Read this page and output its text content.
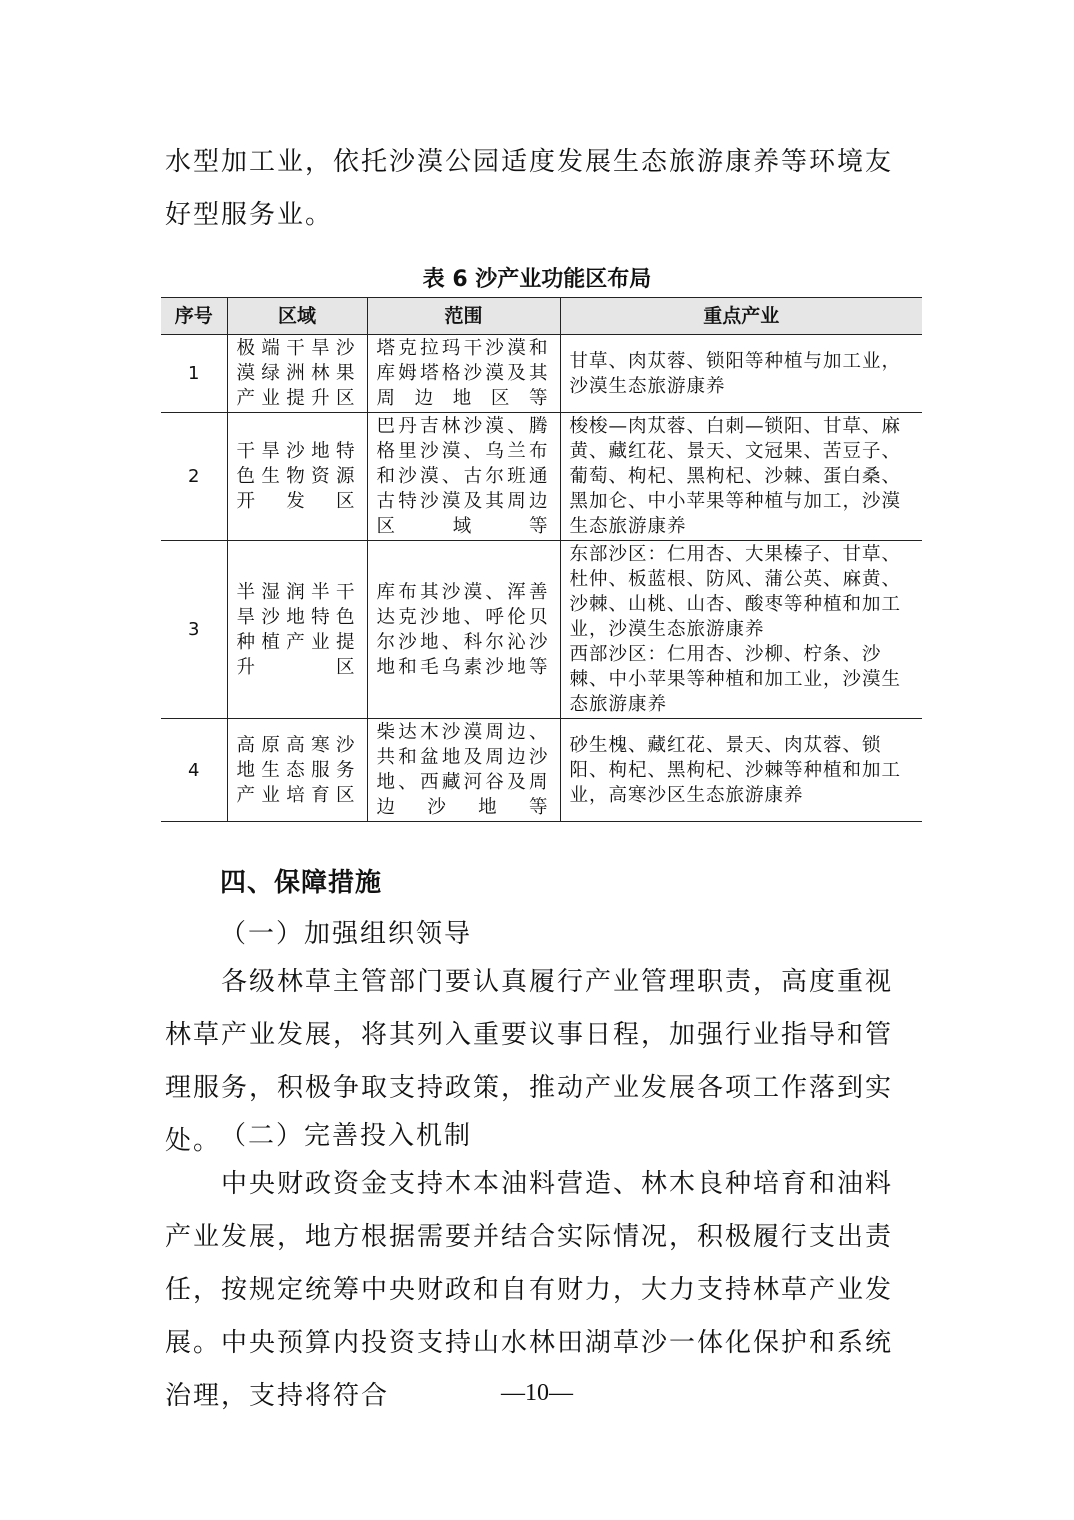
水型加工业，依托沙漠公园适度发展生态旅游康养等环境友好型服务业。

表 6 沙产业功能区布局
序号	区域	范围	重点产业
1	极端干旱沙漠绿洲林果产业提升区	塔克拉玛干沙漠和库姆塔格沙漠及其周边地区等	甘草、肉苁蓉、锁阳等种植与加工业，沙漠生态旅游康养
2	干旱沙地特色生物资源开发区	巴丹吉林沙漠、腾格里沙漠、乌兰布和沙漠、古尔班通古特沙漠及其周边区域等	梭梭—肉苁蓉、白刺—锁阳、甘草、麻黄、藏红花、景天、文冠果、苦豆子、葡萄、枸杞、黑枸杞、沙棘、蛋白桑、黑加仑、中小苹果等种植与加工，沙漠生态旅游康养
3	半湿润半干旱沙地特色种植产业提升区	库布其沙漠、浑善达克沙地、呼伦贝尔沙地、科尔沁沙地和毛乌素沙地等	东部沙区：仁用杏、大果榛子、甘草、杜仲、板蓝根、防风、蒲公英、麻黄、沙棘、山桃、山杏、酸枣等种植和加工业，沙漠生态旅游康养
西部沙区：仁用杏、沙柳、柠条、沙棘、中小苹果等种植和加工业，沙漠生态旅游康养

4	高原高寒沙地生态服务产业培育区	柴达木沙漠周边、共和盆地及周边沙地、西藏河谷及周边沙地等	砂生槐、藏红花、景天、肉苁蓉、锁阳、枸杞、黑枸杞、沙棘等种植和加工业，高寒沙区生态旅游康养
四、保障措施
（一）加强组织领导

各级林草主管部门要认真履行产业管理职责，高度重视林草产业发展，将其列入重要议事日程，加强行业指导和管理服务，积极争取支持政策，推动产业发展各项工作落到实处。

（二）完善投入机制

中央财政资金支持木本油料营造、林木良种培育和油料产业发展，地方根据需要并结合实际情况，积极履行支出责任，按规定统筹中央财政和自有财力，大力支持林草产业发展。中央预算内投资支持山水林田湖草沙一体化保护和系统治理，支持将符合	—10—
